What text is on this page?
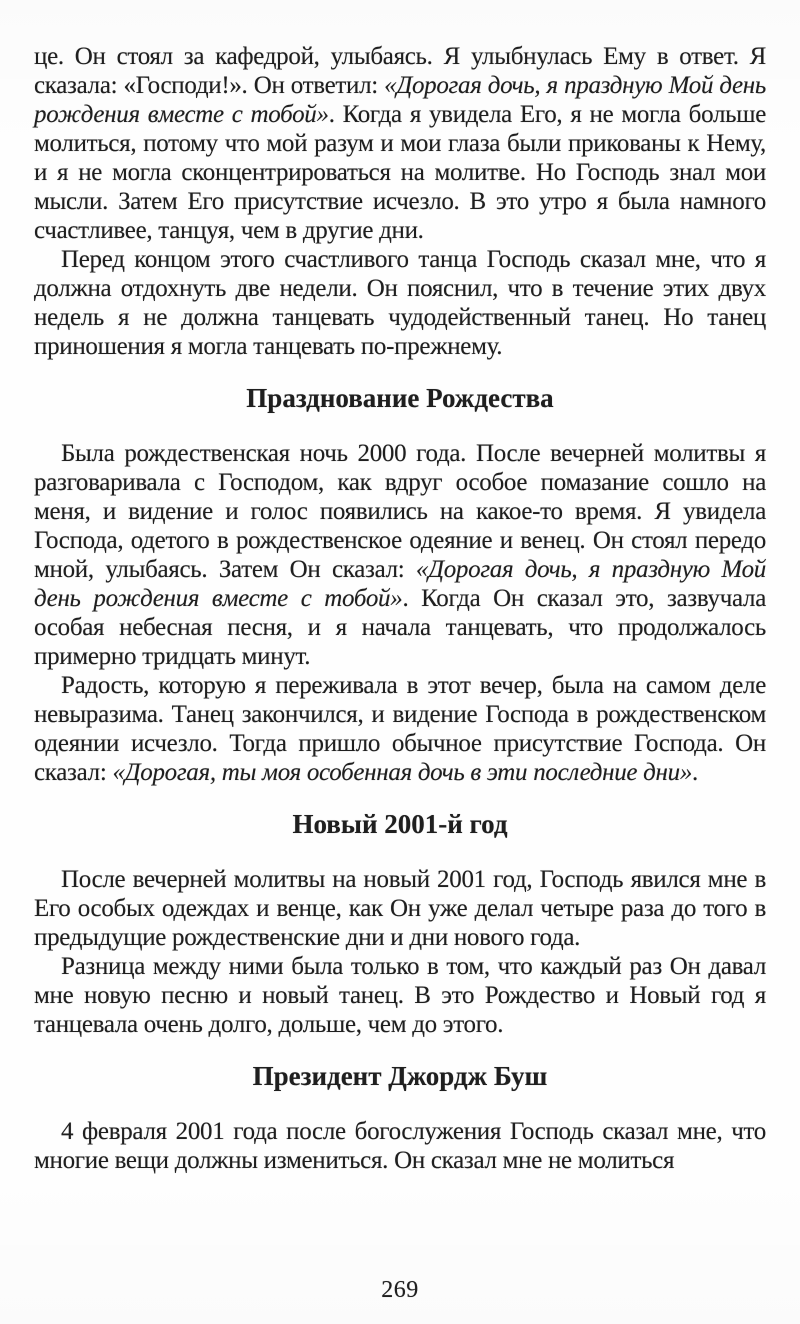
це. Он стоял за кафедрой, улыбаясь. Я улыбнулась Ему в ответ. Я сказала: «Господи!». Он ответил: «Дорогая дочь, я праздную Мой день рождения вместе с тобой». Когда я увидела Его, я не могла больше молиться, потому что мой разум и мои глаза были прикованы к Нему, и я не могла сконцентрироваться на молитве. Но Господь знал мои мысли. Затем Его присутствие исчезло. В это утро я была намного счастливее, танцуя, чем в другие дни.

Перед концом этого счастливого танца Господь сказал мне, что я должна отдохнуть две недели. Он пояснил, что в течение этих двух недель я не должна танцевать чудодейственный танец. Но танец приношения я могла танцевать по-прежнему.

Празднование Рождества

Была рождественская ночь 2000 года. После вечерней молитвы я разговаривала с Господом, как вдруг особое помазание сошло на меня, и видение и голос появились на какое-то время. Я увидела Господа, одетого в рождественское одеяние и венец. Он стоял передо мной, улыбаясь. Затем Он сказал: «Дорогая дочь, я праздную Мой день рождения вместе с тобой». Когда Он сказал это, зазвучала особая небесная песня, и я начала танцевать, что продолжалось примерно тридцать минут.

Радость, которую я переживала в этот вечер, была на самом деле невыразима. Танец закончился, и видение Господа в рождественском одеянии исчезло. Тогда пришло обычное присутствие Господа. Он сказал: «Дорогая, ты моя особенная дочь в эти последние дни».

Новый 2001-й год

После вечерней молитвы на новый 2001 год, Господь явился мне в Его особых одеждах и венце, как Он уже делал четыре раза до того в предыдущие рождественские дни и дни нового года.

Разница между ними была только в том, что каждый раз Он давал мне новую песню и новый танец. В это Рождество и Новый год я танцевала очень долго, дольше, чем до этого.

Президент Джордж Буш

4 февраля 2001 года после богослужения Господь сказал мне, что многие вещи должны измениться. Он сказал мне не молиться

269
